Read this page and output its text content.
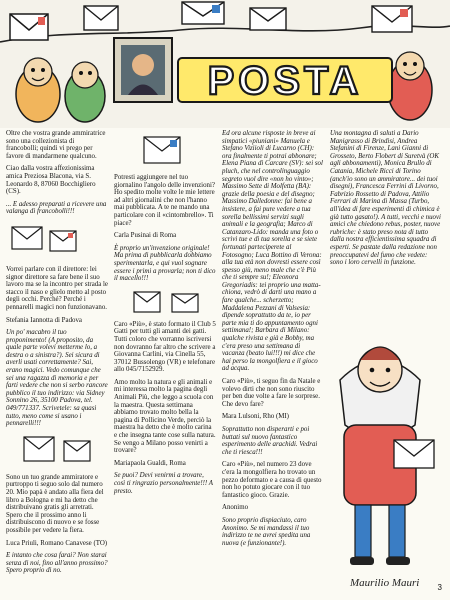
POSTA

Oltre che vostra grande ammiratrice sono una collezionista di francobolli; quindi vi prego per favore di mandarmene qualcuno.

Ciao dalla vostra affezionissima amica Preziosa Blacona, via S. Leonardo 8, 87060 Bocchigliero (CS).

... E adesso preparati a ricevere una valanga di francobolli!!!

Vorrei parlare con il direttore: lei signor direttore sa fare bene il suo lavoro ma se la incontro per strada le stacco il naso e glielo metto al posto degli occhi. Perché? Perché i pennarelli magici non funzionavano.

Stefania Iannotta di Padova

Un po' macabro il tuo proponimento! (A proposito, da quale parte volevi metterme lo, a destra o a sinistra?). Sei sicura di averli usati correttamente? Sai, erano magici. Vedo comunque che sei una ragazza di memoria e per farti vedere che non si serbo rancore pubblico il tuo indirizzo: via Sidney Sonnino 26, 35100 Padova, tel. 049/771337. Scrivetele: sa quasi tutto, meno come si usano i pennarelli!!!

Sono un tuo grande ammiratore e purtroppo ti seguo solo dal numero 20. Mio papà è andato alla fiera del libro a Bologna e mi ha detto che distribuivano gratis gli arretrati. Spero che il prossimo anno li distribuiscono di nuovo e se fosse possibile per vedere la fiera.

Luca Priuli, Romano Canavese (TO)

E intanto che cosa farai? Non starai senza di noi, fino all'anno prossimo? Spero proprio di no.

Potresti aggiungere nel tuo giornalino l'angolo delle invenzioni? Ho spedito molte volte le mie lettere ad altri giornalini che non l'hanno mai pubblicata. A te ne mando una particolare con il «cintombrello». Ti piace?

Carla Pusinai di Roma

È proprio un'invenzione originale! Ma prima di pubblicarla dobbiamo sperimentarla, e qui vuol sognare essere i primi a provarla; non ti dico il macello!!!

Caro «Più», è stato formato il Club 5 Gatti per tutti gli amanti dei gatti. Tutti coloro che vorranno iscriversi non dovranno far altro che scrivere a Giovanna Carlini, via Cinella 55, 37012 Bussolengo (VR) e telefonare allo 045/7152929.

Amo molto la natura e gli animali e mi interessa molto la pagina degli Animali Più, che leggo a scuola con la maestra. Questa settimana abbiamo trovato molto bella la pagina di Pollicino Verde, perciò la maestra ha detto che è molto carina e che insegna tante cose sulla natura. Se vengo a Milano posso venirti a trovare?

Mariapaola Gualdi, Roma

Se puoi? Devi venirmi a trovare, così ti ringrazio personalmente!!! A presto.

Ed ora alcune risposte in breve ai simpatici «piuniani» Manuela e Stefano Viziioli di Lucarno (CH): ora finalmente ti potrai abbonare; Elena Piana di Carcare (SV): sei sol pluch, che nel controlinguaggio segreto vuol dire «non ho vinto»; Massimo Sette di Molfetta (BA): grazie della poesia e del disegno; Massimo Dalledonne: fai bene a insistere, a fai pure vedere a tua sorella bellissimi servizi sugli animali e la geografia; Marco di Catanzaro-Lido: manda una foto o scrivi tue e di tua sorella e se siete fortunati parteciperete al Fotosogno; Luca Bottino di Verona: alla tua età non dovresti essere così spesso giù, meno male che c'è Più che ti sempre su!; Eleonora Gregoriadis: tei proprio una matta-chiona, vedrò di darti una mano a fare qualche... scherzetto; Maddalena Pezzani di Valsesia: dipende soprattutto da te, io per parte mia ti do appuntamento ogni settimana!; Barbara di Milano: qualche rivista e già e Bobby, ma c'era preso una settimana di vacanza (beato lui!!!) mi dice che hai perso la mongolfiera e il gioco ad acqua.

Caro «Più», ti seguo fin da Natale e volevo dirti che non sono riuscito per ben due volte a fare le sorprese. Che devo fare?

Mara Lulsoni, Rho (MI)

Soprattutto non disperarti e poi buttati sul nuovo fantastico esperimento delle arachidi. Vedrai che ti riesca!!!

Caro «Più», nel numero 23 dove c'era la mongolfiera ho trovato un pezzo deformato e a causa di questo non ho potuto giocare con il tuo fantastico gioco. Grazie.

Anonimo

Sono proprio dispiaciuto, caro Anonimo. Se mi mandassi il tuo indirizzo te ne avrei spedita una nuova (e funzionante!).

Una montagna di saluti a Dario Manigrasso di Brindisi, Andrea Stefanini di Firenze, Lani Gianni di Grosseto, Berto Flobert di Suretvà (OK agli abbonamenti), Monica Brullo di Catania, Michele Ricci di Torino (anch'io sono un ammiratore... dei tuoi disegni), Francesca Ferrini di Livorno, Fabrizio Rossetto di Padova, Attilio Ferrari di Marina di Massa (Turbo, all'idea di fare esperimenti di chimica è già tutto gasato!). A tutti, vecchi e nuovi amici che chiedono rebus, poster, nuove rubriche: è stato preso nota di tutto dalla nostra efficientissima squadra di esperti. Se pastate dalla redazione non preoccupatevi del fumo che vedete: sono i loro cervelli in funzione.

Maurilio Mauri 3
